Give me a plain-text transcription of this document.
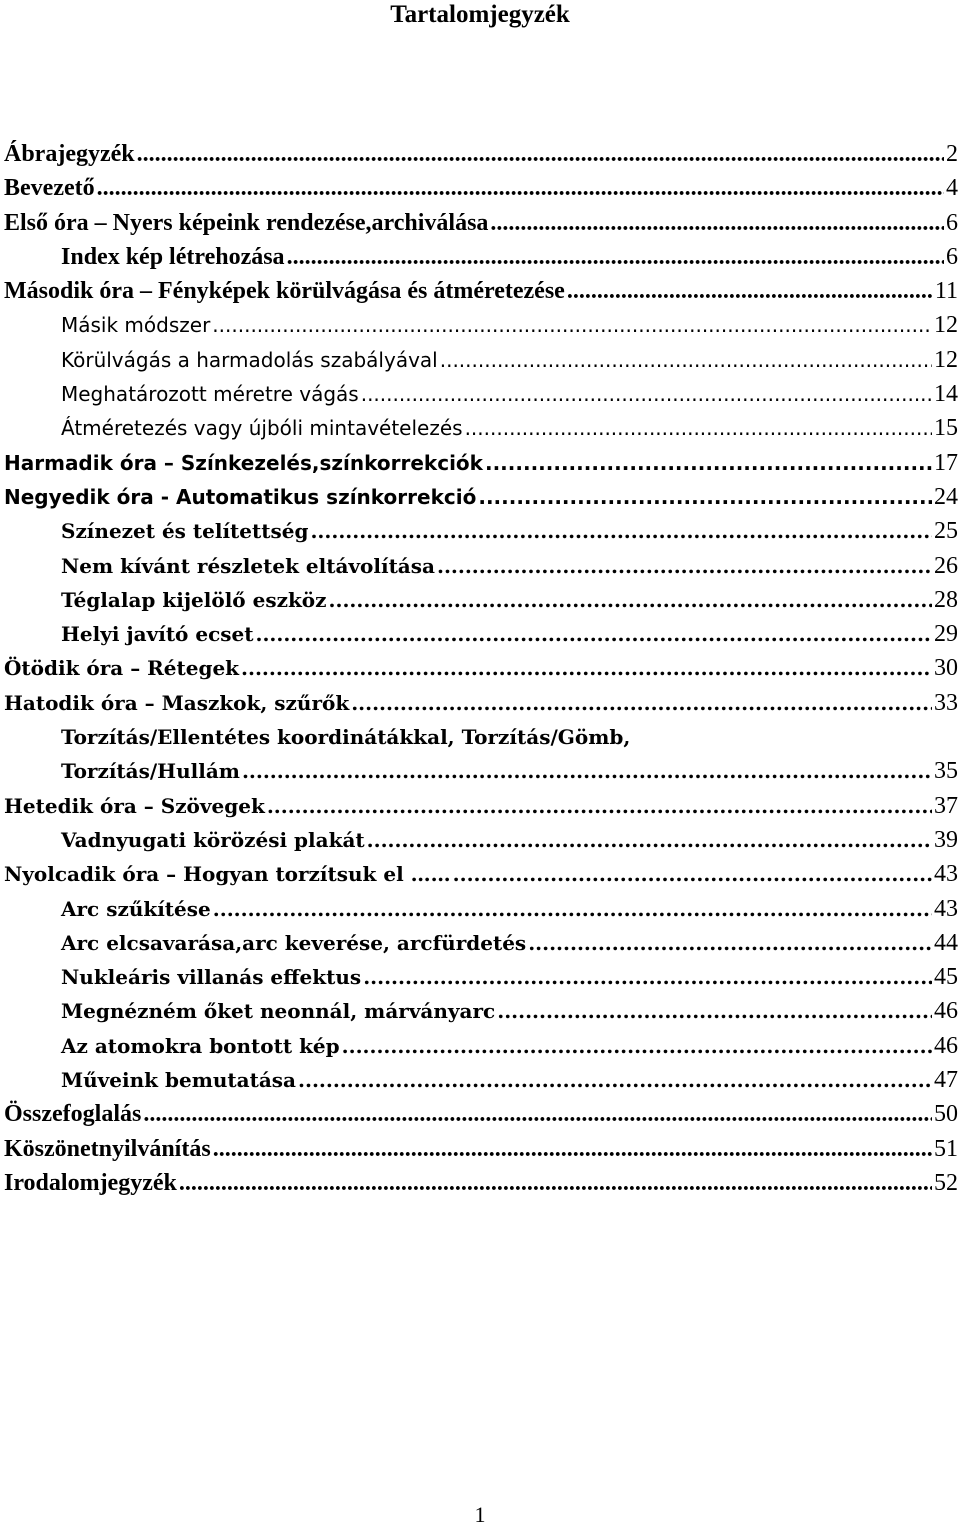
Tartalomjegyzék
Ábrajegyzék .....	2
Bevezető .....	4
Első óra – Nyers képeink rendezése,archiválása .....	6
Index kép létrehozása .....	6
Második óra – Fényképek körülvágása és átméretezése .....	11
Másik módszer .....	12
Körülvágás a harmadolás szabályával .....	12
Meghatározott méretre vágás .....	14
Átméretezés vagy újbóli mintavételezés .....	15
Harmadik óra – Színkezelés,színkorrekciók .....	17
Negyedik óra - Automatikus színkorrekció .....	24
Színezet és telítettség .....	25
Nem kívánt részletek eltávolítása .....	26
Téglalap kijelölő eszköz .....	28
Helyi javító ecset .....	29
Ötödik óra – Rétegek .....	30
Hatodik óra – Maszkok, szűrők .....	33
Torzítás/Ellentétes koordinátákkal, Torzítás/Gömb,
Torzítás/Hullám .....	35
Hetedik óra – Szövegek .....	37
Vadnyugati körözési plakát .....	39
Nyolcadik óra – Hogyan torzítsuk el …… .....	43
Arc szűkítése .....	43
Arc elcsavarása,arc keverése, arcfürdetés .....	44
Nukleáris villanás effektus .....	45
Megnézném őket neonnál, márványarc .....	46
Az atomokra bontott kép .....	46
Műveink bemutatása .....	47
Összefoglalás .....	50
Köszönetnyilvánítás .....	51
Irodalomjegyzék .....	52
1
